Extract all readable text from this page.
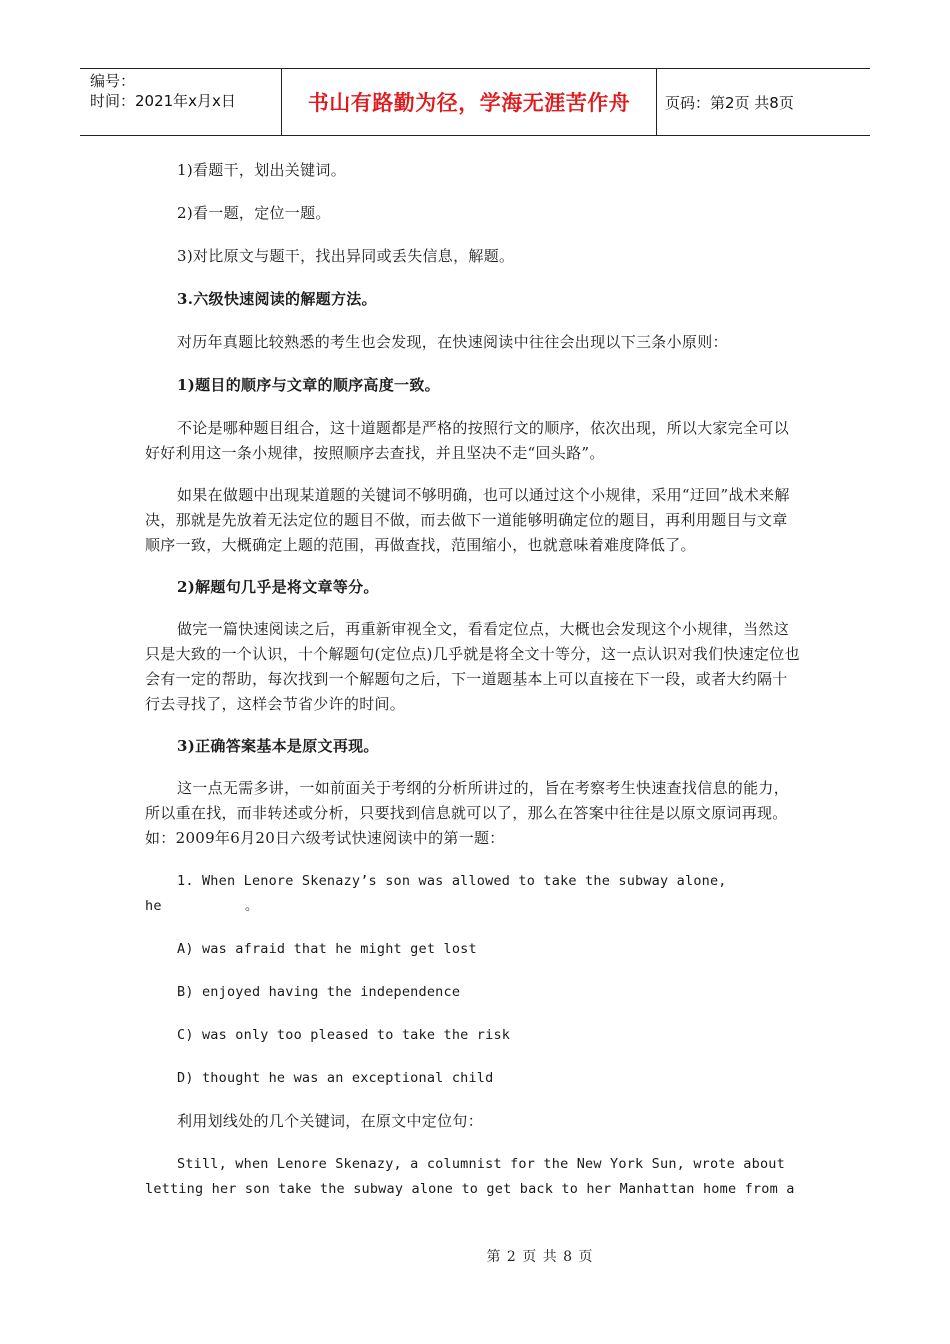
编号：
时间：2021年x月x日	书山有路勤为径，学海无涯苦作舟	页码：第2页 共8页

1)看题干，划出关键词。

2)看一题，定位一题。

3)对比原文与题干，找出异同或丢失信息，解题。

3.六级快速阅读的解题方法。

对历年真题比较熟悉的考生也会发现，在快速阅读中往往会出现以下三条小原则：

1)题目的顺序与文章的顺序高度一致。

不论是哪种题目组合，这十道题都是严格的按照行文的顺序，依次出现，所以大家完全可以好好利用这一条小规律，按照顺序去查找，并且坚决不走“回头路”。

如果在做题中出现某道题的关键词不够明确，也可以通过这个小规律，采用“迂回”战术来解决，那就是先放着无法定位的题目不做，而去做下一道能够明确定位的题目，再利用题目与文章顺序一致，大概确定上题的范围，再做查找，范围缩小，也就意味着难度降低了。

2)解题句几乎是将文章等分。

做完一篇快速阅读之后，再重新审视全文，看看定位点，大概也会发现这个小规律，当然这只是大致的一个认识，十个解题句(定位点)几乎就是将全文十等分，这一点认识对我们快速定位也会有一定的帮助，每次找到一个解题句之后，下一道题基本上可以直接在下一段，或者大约隔十行去寻找了，这样会节省少许的时间。

3)正确答案基本是原文再现。

这一点无需多讲，一如前面关于考纲的分析所讲过的，旨在考察考生快速查找信息的能力，所以重在找，而非转述或分析，只要找到信息就可以了，那么在答案中往往是以原文原词再现。如：2009年6月20日六级考试快速阅读中的第一题：

1. When Lenore Skenazy’s son was allowed to take the subway alone,

he          。

A) was afraid that he might get lost

B) enjoyed having the independence

C) was only too pleased to take the risk

D) thought he was an exceptional child

利用划线处的几个关键词，在原文中定位句：

Still, when Lenore Skenazy, a columnist for the New York Sun, wrote about

letting her son take the subway alone to get back to her Manhattan home from a

第 2 页 共 8 页
